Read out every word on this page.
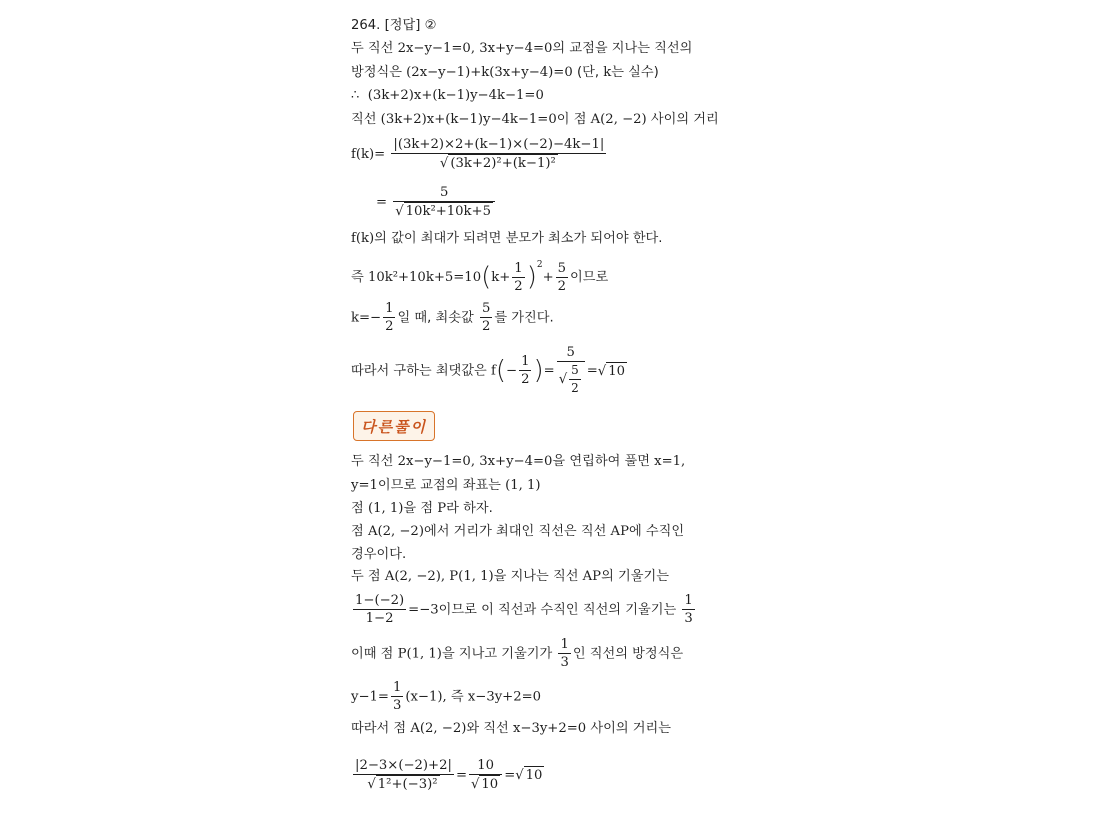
264. [정답] ②
두 직선 2x−y−1=0, 3x+y−4=0의 교점을 지나는 직선의
방정식은 (2x−y−1)+k(3x+y−4)=0 (단, k는 실수)
∴ (3k+2)x+(k−1)y−4k−1=0
직선 (3k+2)x+(k−1)y−4k−1=0이 점 A(2, −2) 사이의 거리
$f(k)= \frac{|(3k+2)\times 2+(k-1)\times(-2)-4k-1|}{\text{√ (3k+2)²+(k−1)²}}$
= $\frac{5}{\text{√ 10k²+10k+5}}$
f(k)의 값이 최대가 되려면 분모가 최소가 되어야 한다.
즉 $10k^2+10k+5=10(k+ \frac{1}{2} )^2+ \frac{5}{2}$ 이므로
$k=- \frac{1}{2}$ 일 때, 최솟값 $\frac{5}{2}$ 를 가진다.
따라서 구하는 최댓값은 $f(- \frac{1}{2}$ )= $\frac{5}{√ \frac{5}{2}}$ =√ 10
다른풀이
두 직선 2x−y−1=0, 3x+y−4=0을 연립하여 풀면 x=1,
y=1이므로 교점의 좌표는 (1, 1)
점 (1, 1)을 점 P라 하자.
점 A(2, −2)에서 거리가 최대인 직선은 직선 AP에 수직인
경우이다.
두 점 A(2, −2), P(1, 1)을 지나는 직선 AP의 기울기는
$\frac{1-(-2)}{1-2} =-3$이므로 이 직선과 수직인 직선의 기울기는 $\frac{1}{3}$
이때 점 P(1, 1)을 지나고 기울기가 $\frac{1}{3}$ 인 직선의 방정식은
$y-1= \frac{1}{3} (x-1)$, 즉 x−3y+2=0
따라서 점 A(2, −2)와 직선 x−3y+2=0 사이의 거리는
$\frac{|2-3\times(-2)+2|}{\text{√ 1²+(−3)²}} = \frac{10}{√ 10}$ =√ 10
